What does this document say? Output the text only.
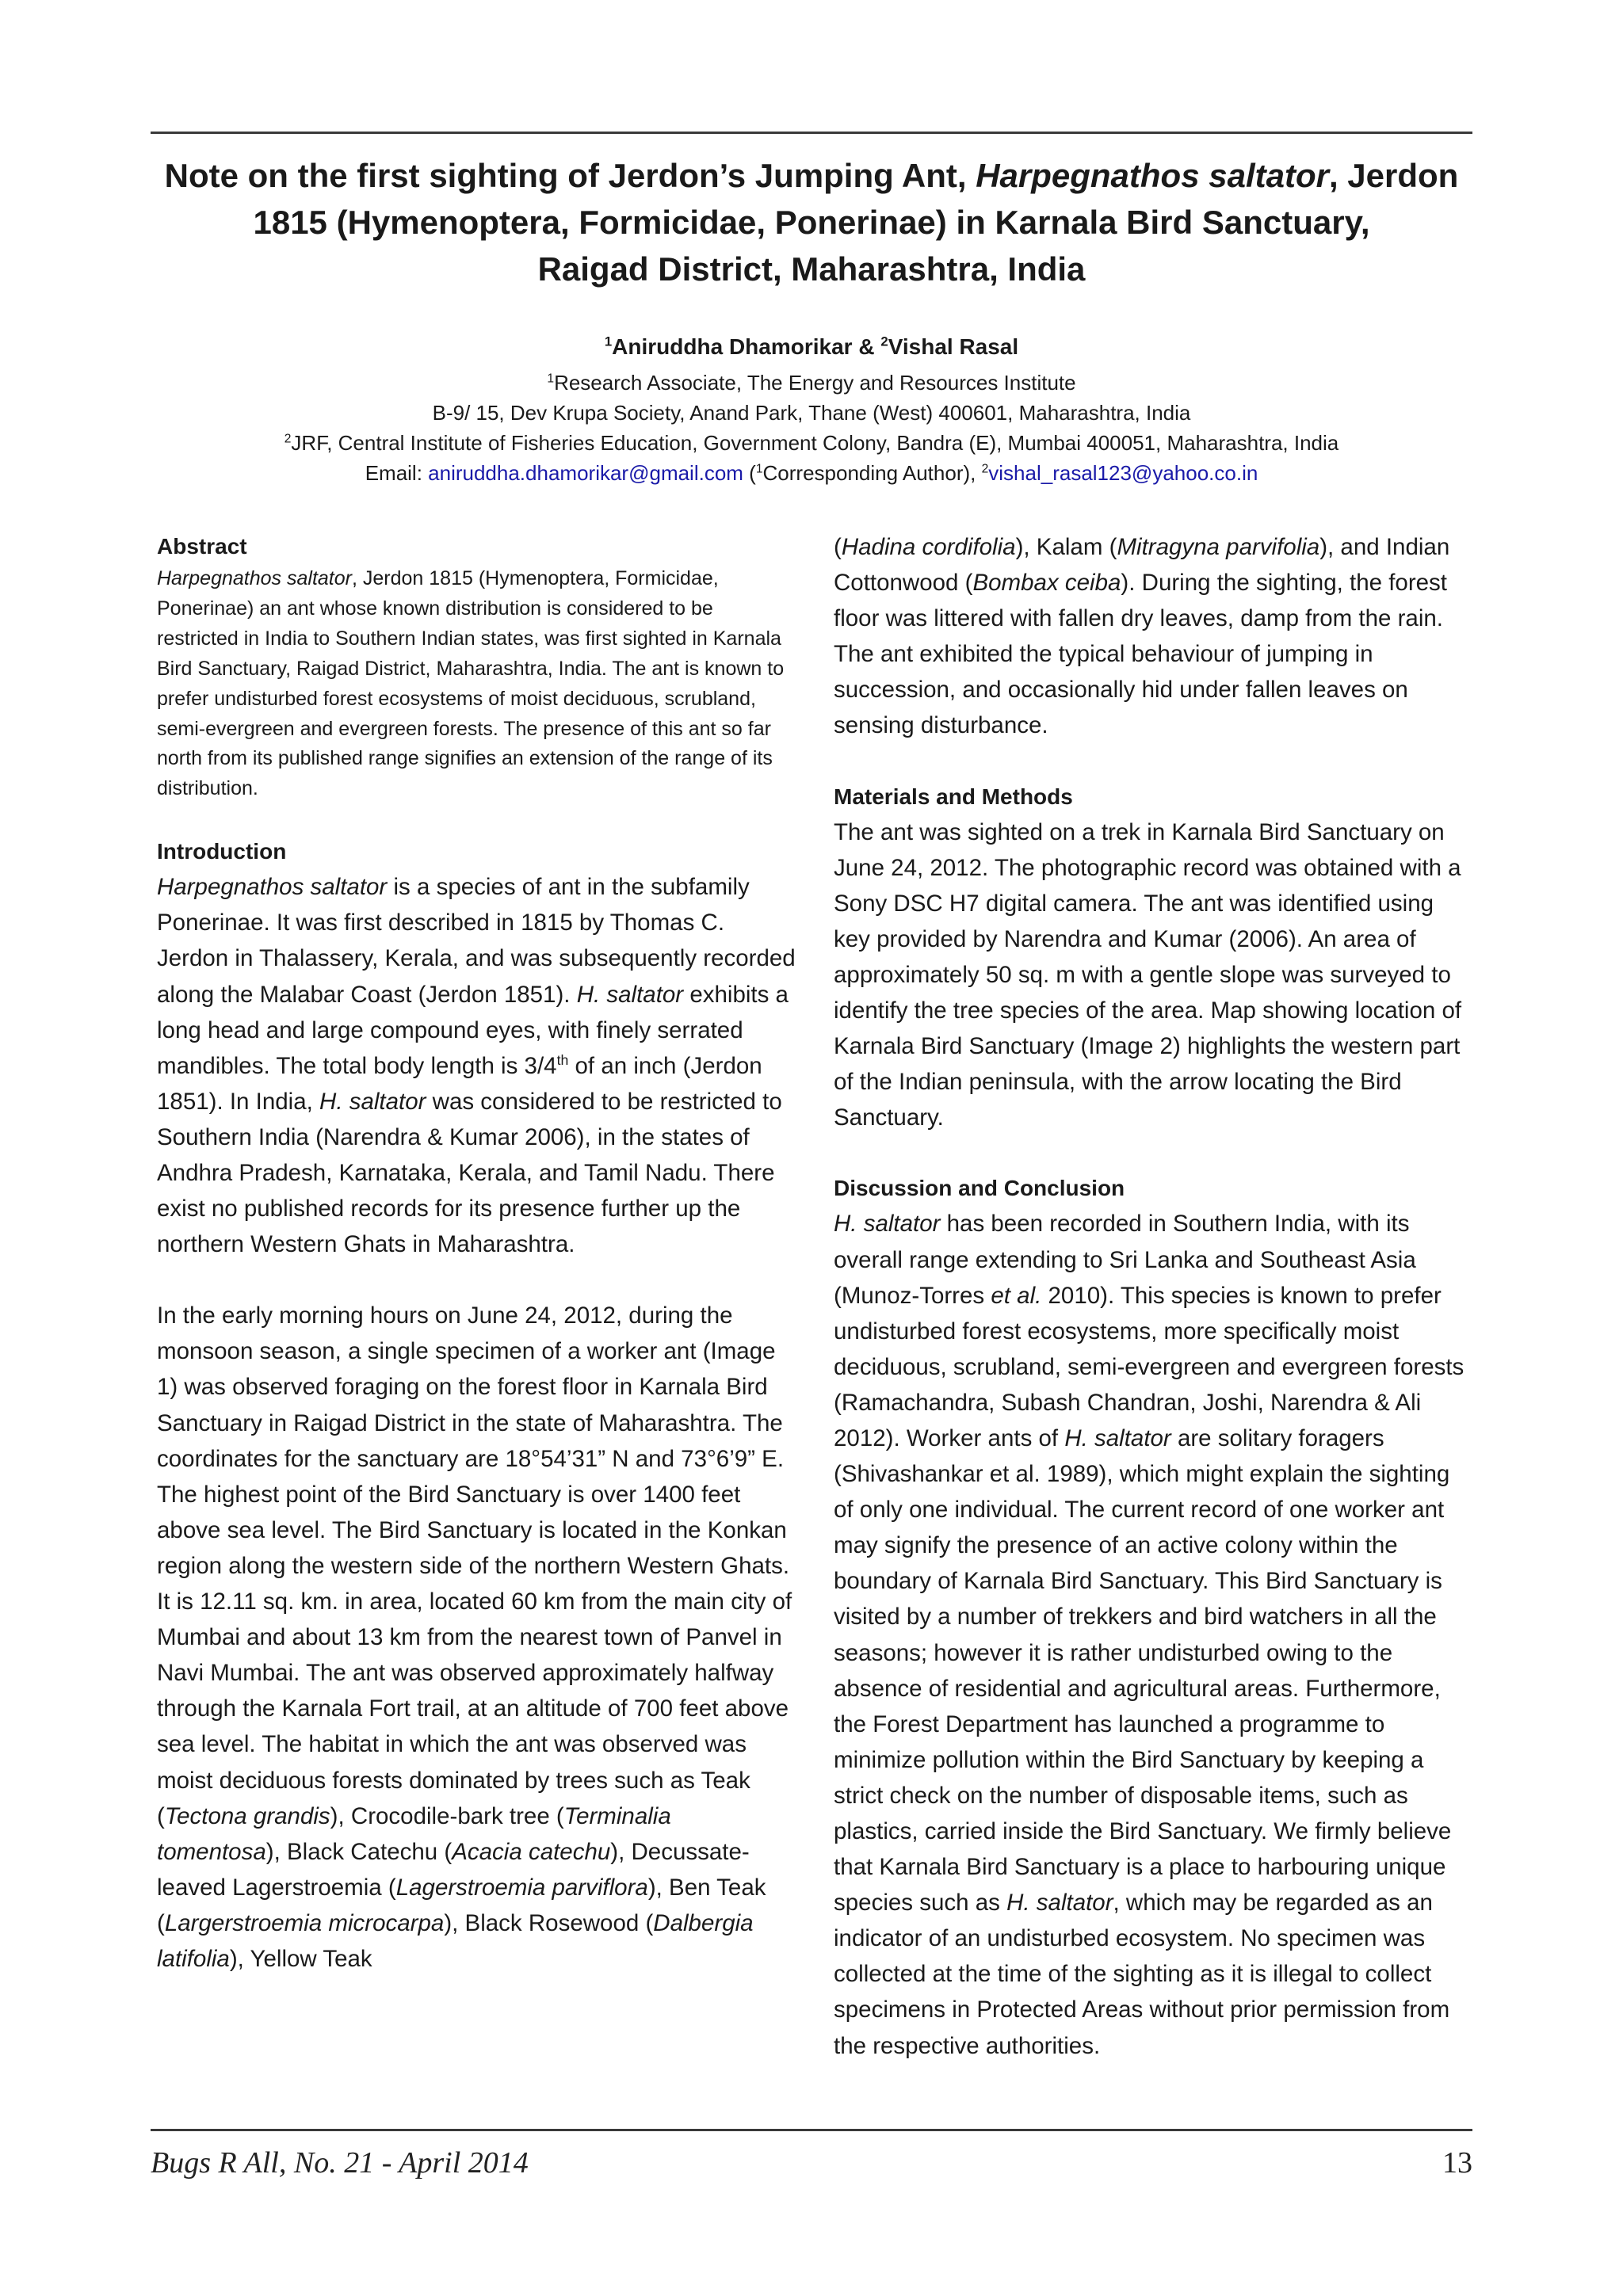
Note on the first sighting of Jerdon’s Jumping Ant, Harpegnathos saltator, Jerdon
1815 (Hymenoptera, Formicidae, Ponerinae) in Karnala Bird Sanctuary,
Raigad District, Maharashtra, India
$^1$Aniruddha Dhamorikar & $^2$Vishal Rasal

$^1$Research Associate, The Energy and Resources Institute

B-9/ 15, Dev Krupa Society, Anand Park, Thane (West) 400601, Maharashtra, India

$^2$JRF, Central Institute of Fisheries Education, Government Colony, Bandra (E), Mumbai 400051, Maharashtra, India

Email: aniruddha.dhamorikar@gmail.com ($^1$Corresponding Author), $^2$vishal_rasal123@yahoo.co.in

Abstract

Harpegnathos saltator, Jerdon 1815 (Hymenoptera, Formicidae, Ponerinae) an ant whose known distribution is considered to be restricted in India to Southern Indian states, was first sighted in Karnala Bird Sanctuary, Raigad District, Maharashtra, India. The ant is known to prefer undisturbed forest ecosystems of moist deciduous, scrubland, semi-evergreen and evergreen forests. The presence of this ant so far north from its published range signifies an extension of the range of its distribution.

Introduction

Harpegnathos saltator is a species of ant in the subfamily Ponerinae. It was first described in 1815 by Thomas C. Jerdon in Thalassery, Kerala, and was subsequently recorded along the Malabar Coast (Jerdon 1851). H. saltator exhibits a long head and large compound eyes, with finely serrated mandibles. The total body length is 3/4th of an inch (Jerdon 1851). In India, H. saltator was considered to be restricted to Southern India (Narendra & Kumar 2006), in the states of Andhra Pradesh, Karnataka, Kerala, and Tamil Nadu. There exist no published records for its presence further up the northern Western Ghats in Maharashtra.

In the early morning hours on June 24, 2012, during the monsoon season, a single specimen of a worker ant (Image 1) was observed foraging on the forest floor in Karnala Bird Sanctuary in Raigad District in the state of Maharashtra. The coordinates for the sanctuary are 18°54’31” N and 73°6’9” E. The highest point of the Bird Sanctuary is over 1400 feet above sea level. The Bird Sanctuary is located in the Konkan region along the western side of the northern Western Ghats. It is 12.11 sq. km. in area, located 60 km from the main city of Mumbai and about 13 km from the nearest town of Panvel in Navi Mumbai. The ant was observed approximately halfway through the Karnala Fort trail, at an altitude of 700 feet above sea level. The habitat in which the ant was observed was moist deciduous forests dominated by trees such as Teak (Tectona grandis), Crocodile-bark tree (Terminalia tomentosa), Black Catechu (Acacia catechu), Decussate-leaved Lagerstroemia (Lagerstroemia parviflora), Ben Teak (Largerstroemia microcarpa), Black Rosewood (Dalbergia latifolia), Yellow Teak

(Hadina cordifolia), Kalam (Mitragyna parvifolia), and Indian Cottonwood (Bombax ceiba). During the sighting, the forest floor was littered with fallen dry leaves, damp from the rain. The ant exhibited the typical behaviour of jumping in succession, and occasionally hid under fallen leaves on sensing disturbance.

Materials and Methods

The ant was sighted on a trek in Karnala Bird Sanctuary on June 24, 2012. The photographic record was obtained with a Sony DSC H7 digital camera. The ant was identified using key provided by Narendra and Kumar (2006). An area of approximately 50 sq. m with a gentle slope was surveyed to identify the tree species of the area. Map showing location of Karnala Bird Sanctuary (Image 2) highlights the western part of the Indian peninsula, with the arrow locating the Bird Sanctuary.

Discussion and Conclusion

H. saltator has been recorded in Southern India, with its overall range extending to Sri Lanka and Southeast Asia (Munoz-Torres et al. 2010). This species is known to prefer undisturbed forest ecosystems, more specifically moist deciduous, scrubland, semi-evergreen and evergreen forests (Ramachandra, Subash Chandran, Joshi, Narendra & Ali 2012). Worker ants of H. saltator are solitary foragers (Shivashankar et al. 1989), which might explain the sighting of only one individual. The current record of one worker ant may signify the presence of an active colony within the boundary of Karnala Bird Sanctuary. This Bird Sanctuary is visited by a number of trekkers and bird watchers in all the seasons; however it is rather undisturbed owing to the absence of residential and agricultural areas. Furthermore, the Forest Department has launched a programme to minimize pollution within the Bird Sanctuary by keeping a strict check on the number of disposable items, such as plastics, carried inside the Bird Sanctuary. We firmly believe that Karnala Bird Sanctuary is a place to harbouring unique species such as H. saltator, which may be regarded as an indicator of an undisturbed ecosystem. No specimen was collected at the time of the sighting as it is illegal to collect specimens in Protected Areas without prior permission from the respective authorities.

Bugs R All, No. 21 - April 2014	13
